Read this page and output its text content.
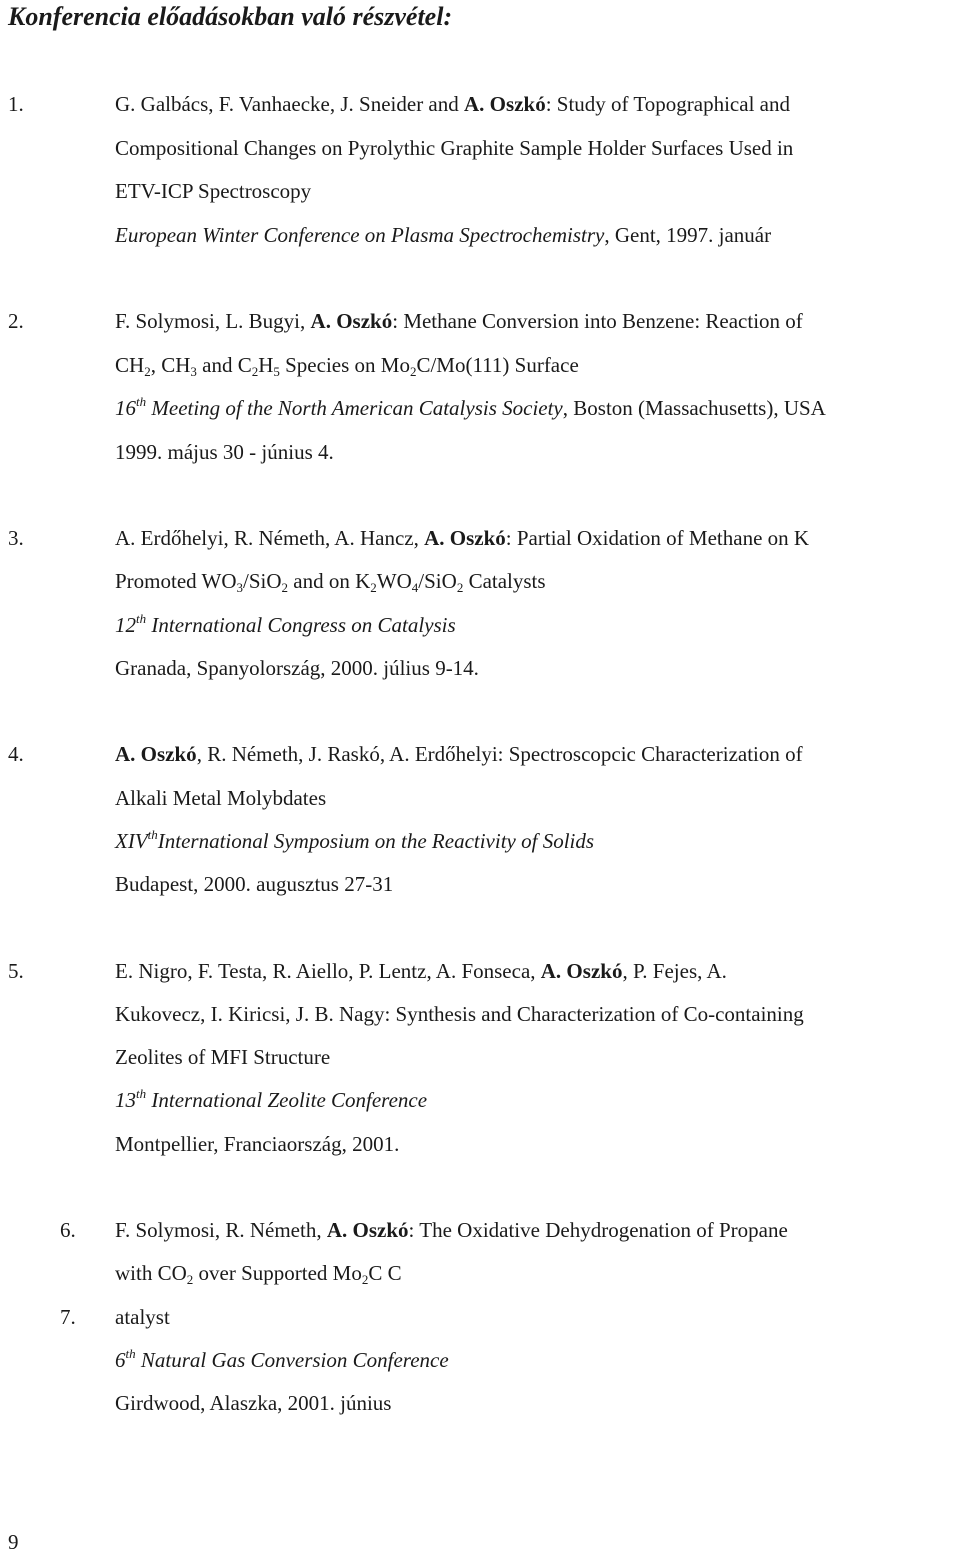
Konferencia előadásokban való részvétel:
1.	G. Galbács, F. Vanhaecke, J. Sneider and A. Oszkó: Study of Topographical and
Compositional Changes on Pyrolythic Graphite Sample Holder Surfaces Used in
ETV-ICP Spectroscopy
European Winter Conference on Plasma Spectrochemistry, Gent, 1997. január
2.	F. Solymosi, L. Bugyi, A. Oszkó: Methane Conversion into Benzene: Reaction of
$CH_2$, $CH_3$ and $C_2H_5$ Species on $Mo_2C/Mo(111)$ Surface
16th Meeting of the North American Catalysis Society, Boston (Massachusetts), USA
1999. május 30 - június 4.
3.	A. Erdőhelyi, R. Németh, A. Hancz, A. Oszkó: Partial Oxidation of Methane on K
Promoted $WO_3/SiO_2$ and on $K_2WO_4/SiO_2$ Catalysts
12th International Congress on Catalysis
Granada, Spanyolország, 2000. július 9-14.
4.	A. Oszkó, R. Németh, J. Raskó, A. Erdőhelyi: Spectroscopcic Characterization of
Alkali Metal Molybdates
XIVthInternational Symposium on the Reactivity of Solids
Budapest, 2000. augusztus 27-31
5.	E. Nigro, F. Testa, R. Aiello, P. Lentz, A. Fonseca, A. Oszkó, P. Fejes, A.
Kukovecz, I. Kiricsi, J. B. Nagy: Synthesis and Characterization of Co-containing
Zeolites of MFI Structure
13th International Zeolite Conference
Montpellier, Franciaország, 2001.
6. F. Solymosi, R. Németh, A. Oszkó: The Oxidative Dehydrogenation of Propane
with $CO_2$ over Supported $Mo_2C$ C
7. atalyst
6th Natural Gas Conversion Conference
Girdwood, Alaszka, 2001. június
9
